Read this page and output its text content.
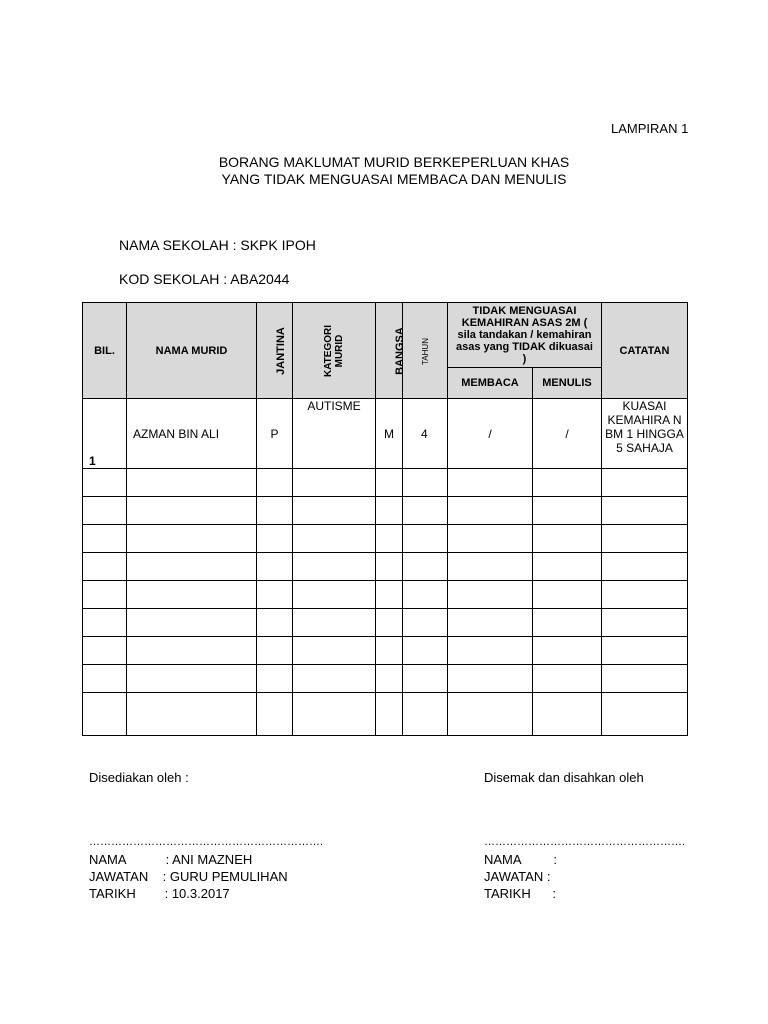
LAMPIRAN 1
BORANG MAKLUMAT MURID BERKEPERLUAN KHAS
YANG TIDAK MENGUASAI MEMBACA DAN MENULIS
NAMA SEKOLAH : SKPK IPOH
KOD SEKOLAH : ABA2044
BIL.	NAMA MURID	JANTINA	KATEGORI MURID	BANGSA	TAHUN	TIDAK MENGUASAI KEMAHIRAN ASAS 2M ( sila tandakan / kemahiran asas yang TIDAK dikuasai )		CATATAN
						MEMBACA	MENULIS	
1	AZMAN BIN ALI	P	AUTISME	M	4	/	/	KUASAI KEMAHIRA N BM 1 HINGGA 5 SAHAJA

Disediakan oleh :	Disemak dan disahkan oleh
……………………………………………………….	……………………………………………….
NAMA           : ANI MAZNEH
JAWATAN    : GURU PEMULIHAN
TARIKH        : 10.3.2017
NAMA         :
JAWATAN :
TARIKH      :
